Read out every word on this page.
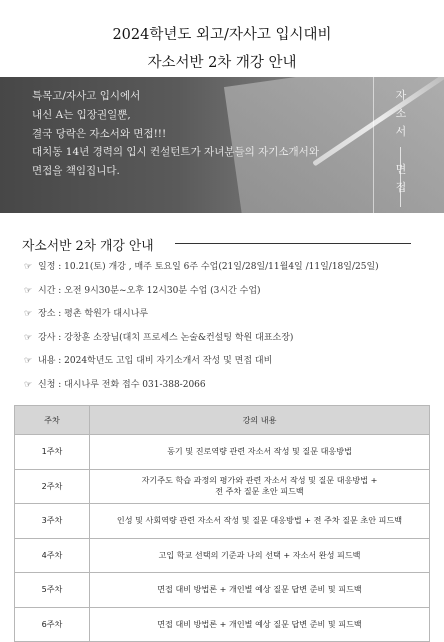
2024학년도 외고/자사고 입시대비
자소서반 2차 개강 안내
특목고/자사고 입시에서
내신 A는 입장권일뿐,
결국 당락은 자소서와 면접!!!
대치동 14년 경력의 입시 컨설턴트가 자녀분들의 자기소개서와
면접을 책임집니다.
자소서
면접
자소서반 2차 개강 안내
☞ 일정 : 10.21(토) 개강 , 매주 토요일 6주 수업(21일/28일/11월4일 /11일/18일/25일)
☞ 시간 : 오전 9시30분~오후 12시30분 수업 (3시간 수업)
☞ 장소 : 평촌 학원가 대시나루
☞ 강사 : 강창훈 소장님(대치 프로세스 논술&컨설팅 학원 대표소장)
☞ 내용 : 2024학년도 고입 대비 자기소개서 작성 및 면접 대비
☞ 신청 : 대시나루 전화 접수 031-388-2066
주차	강의 내용
1주차	동기 및 진로역량 관련 자소서 작성 및 질문 대응방법

2주차	자기주도 학습 과정의 평가와 관련 자소서 작성 및 질문 대응방법 +
전 주차 질문 초안 피드백

3주차	인성 및 사회역량 관련 자소서 작성 및 질문 대응방법 + 전 주차 질문 초안 피드백

4주차	고입 학교 선택의 기준과 나의 선택 + 자소서 완성 피드백

5주차	면접 대비 방법론 + 개인별 예상 질문 답변 준비 및 피드백

6주차	면접 대비 방법론 + 개인별 예상 질문 답변 준비 및 피드백
